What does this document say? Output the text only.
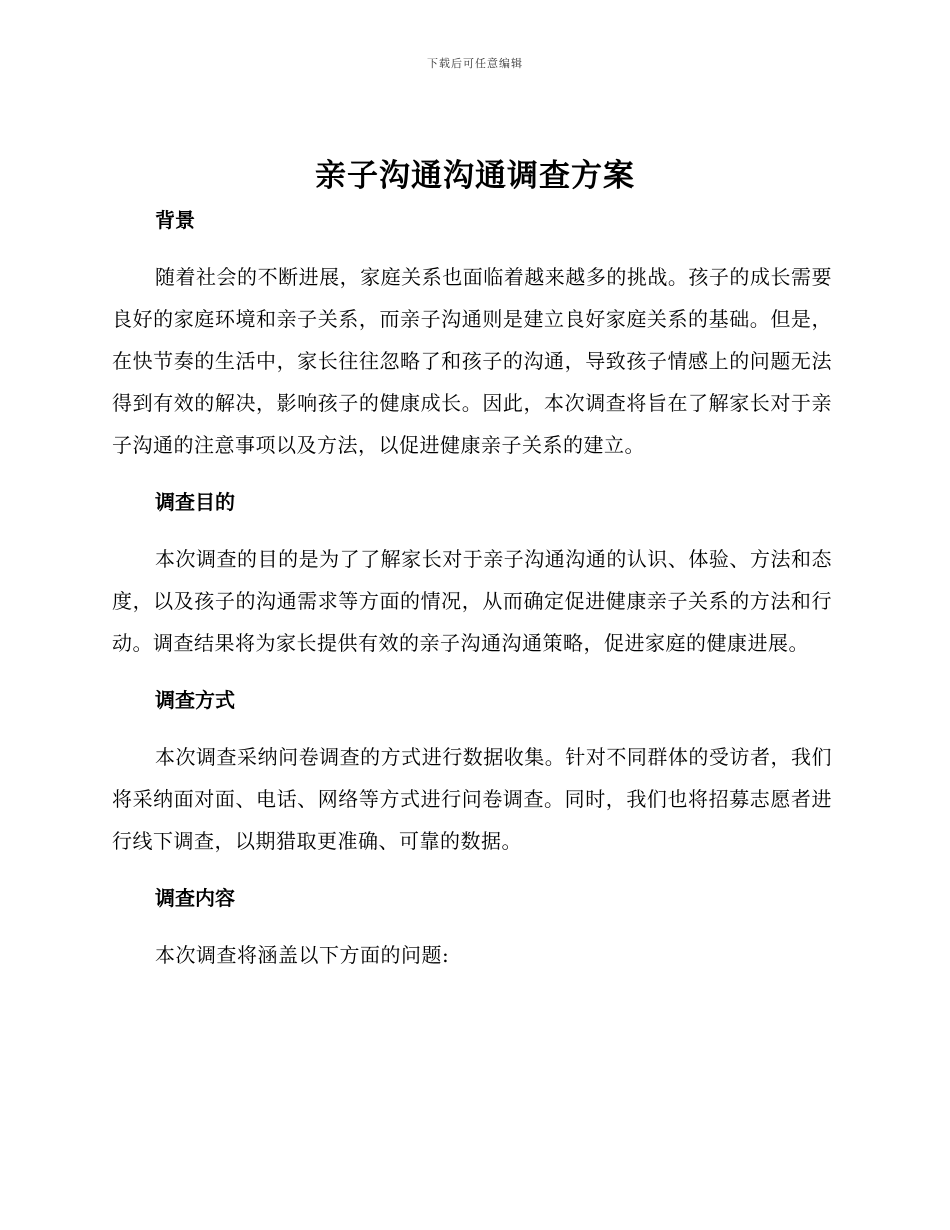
下载后可任意编辑
亲子沟通沟通调查方案
背景

随着社会的不断进展，家庭关系也面临着越来越多的挑战。孩子的成长需要良好的家庭环境和亲子关系，而亲子沟通则是建立良好家庭关系的基础。但是，在快节奏的生活中，家长往往忽略了和孩子的沟通，导致孩子情感上的问题无法得到有效的解决，影响孩子的健康成长。因此，本次调查将旨在了解家长对于亲子沟通的注意事项以及方法，以促进健康亲子关系的建立。

调查目的

本次调查的目的是为了了解家长对于亲子沟通沟通的认识、体验、方法和态度，以及孩子的沟通需求等方面的情况，从而确定促进健康亲子关系的方法和行动。调查结果将为家长提供有效的亲子沟通沟通策略，促进家庭的健康进展。

调查方式

本次调查采纳问卷调查的方式进行数据收集。针对不同群体的受访者，我们将采纳面对面、电话、网络等方式进行问卷调查。同时，我们也将招募志愿者进行线下调查，以期猎取更准确、可靠的数据。

调查内容

本次调查将涵盖以下方面的问题:
